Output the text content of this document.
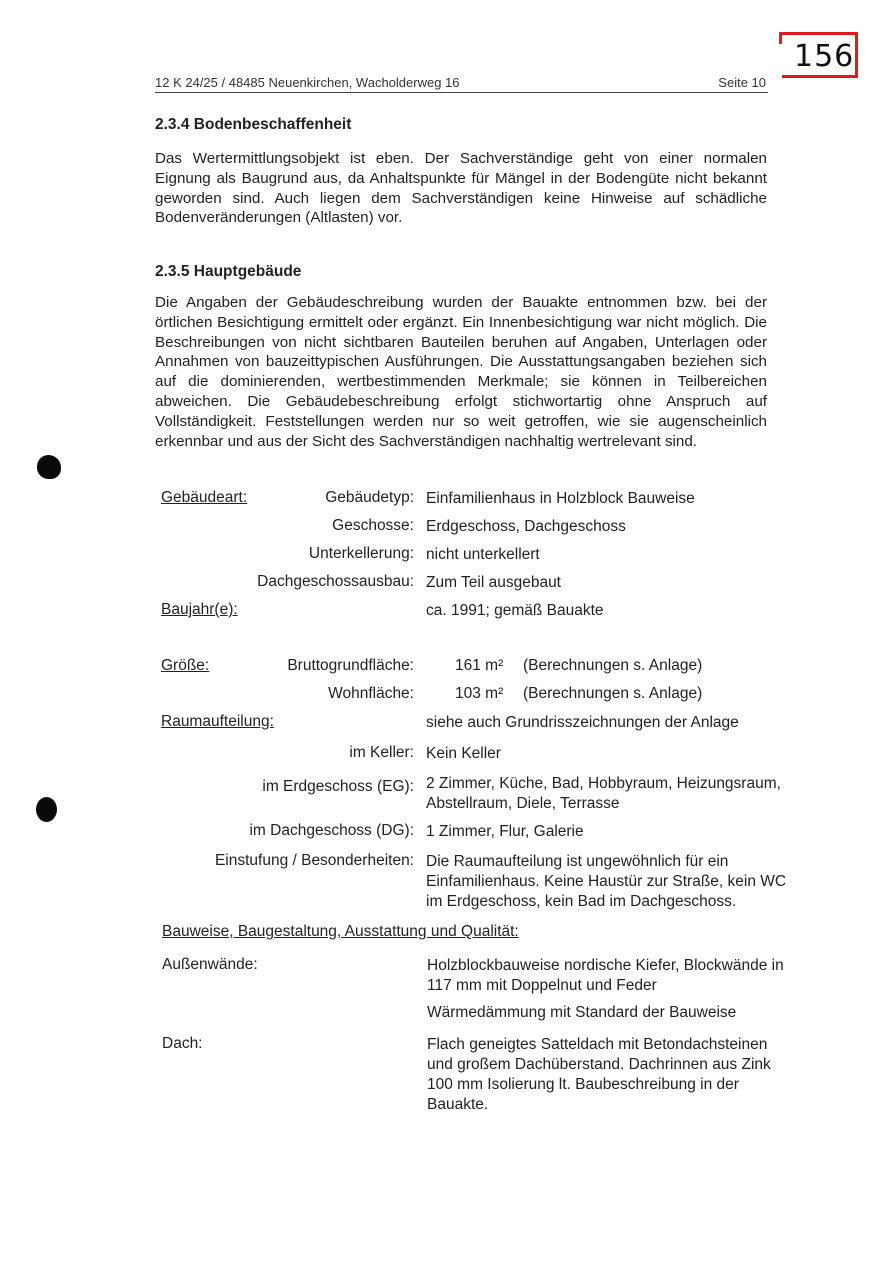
156
12 K 24/25 / 48485 Neuenkirchen, Wacholderweg 16	Seite 10
2.3.4 Bodenbeschaffenheit
Das Wertermittlungsobjekt ist eben. Der Sachverständige geht von einer normalen Eignung als Baugrund aus, da Anhaltspunkte für Mängel in der Bodengüte nicht bekannt geworden sind. Auch liegen dem Sachverständigen keine Hinweise auf schädliche Bodenveränderungen (Altlasten) vor.
2.3.5 Hauptgebäude
Die Angaben der Gebäudeschreibung wurden der Bauakte entnommen bzw. bei der örtlichen Besichtigung ermittelt oder ergänzt. Ein Innenbesichtigung war nicht möglich. Die Beschreibungen von nicht sichtbaren Bauteilen beruhen auf Angaben, Unterlagen oder Annahmen von bauzeittypischen Ausführungen. Die Ausstattungsangaben beziehen sich auf die dominierenden, wertbestimmenden Merkmale; sie können in Teilbereichen abweichen. Die Gebäudebeschreibung erfolgt stichwortartig ohne Anspruch auf Vollständigkeit. Feststellungen werden nur so weit getroffen, wie sie augenscheinlich erkennbar und aus der Sicht des Sachverständigen nachhaltig wertrelevant sind.
Gebäudeart:	Gebäudetyp: Einfamilienhaus in Holzblock Bauweise
Geschosse: Erdgeschoss, Dachgeschoss
Unterkellerung: nicht unterkellert
Dachgeschossausbau: Zum Teil ausgebaut
Baujahr(e):	ca. 1991; gemäß Bauakte
Größe:	Bruttogrundfläche:	161 m² (Berechnungen s. Anlage)
Wohnfläche:	103 m² (Berechnungen s. Anlage)
Raumaufteilung:	siehe auch Grundrisszeichnungen der Anlage
im Keller: Kein Keller
im Erdgeschoss (EG): 2 Zimmer, Küche, Bad, Hobbyraum, Heizungsraum, Abstellraum, Diele, Terrasse
im Dachgeschoss (DG): 1 Zimmer, Flur, Galerie
Einstufung / Besonderheiten: Die Raumaufteilung ist ungewöhnlich für ein Einfamilienhaus. Keine Haustür zur Straße, kein WC im Erdgeschoss, kein Bad im Dachgeschoss.
Bauweise, Baugestaltung, Ausstattung und Qualität:
Außenwände:	Holzblockbauweise nordische Kiefer, Blockwände in 117 mm mit Doppelnut und Feder
Wärmedämmung mit Standard der Bauweise
Dach:	Flach geneigtes Satteldach mit Betondachsteinen und großem Dachüberstand. Dachrinnen aus Zink 100 mm Isolierung lt. Baubeschreibung in der Bauakte.
